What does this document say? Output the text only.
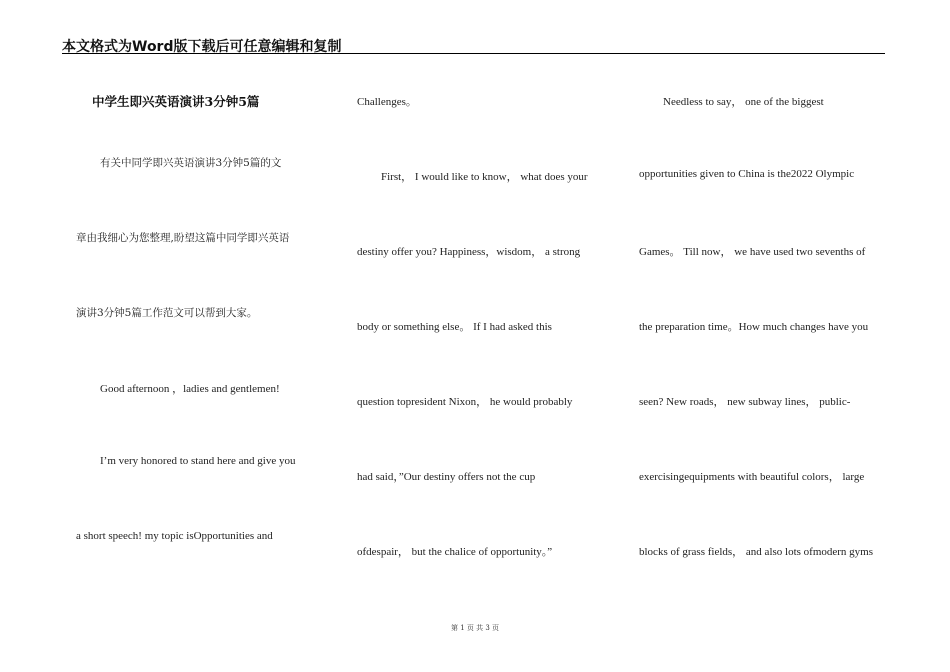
本文格式为Word版下载后可任意编辑和复制
中学生即兴英语演讲3分钟5篇
有关中同学即兴英语演讲3分钟5篇的文
章由我细心为您整理,盼望这篇中同学即兴英语
演讲3分钟5篇工作范文可以帮到大家。
Good afternoon ，ladies and gentlemen!
I’m very honored to stand here and give you
a short speech! my topic isOpportunities and
Challenges。
First， I would like to know， what does your
destiny offer you? Happiness，wisdom， a strong
body or something else。 If I had asked this
question topresident Nixon， he would probably
had said，”Our destiny offers not the cup
ofdespair， but the chalice of opportunity。”
Needless to say， one of the biggest
opportunities given to China is the2022 Olympic
Games。 Till now， we have used two sevenths of
the preparation time。How much changes have you
seen? New roads， new subway lines， public-
exercisingequipments with beautiful colors， large
blocks of grass fields， and also lots ofmodern gyms
第 1 页 共 3 页
